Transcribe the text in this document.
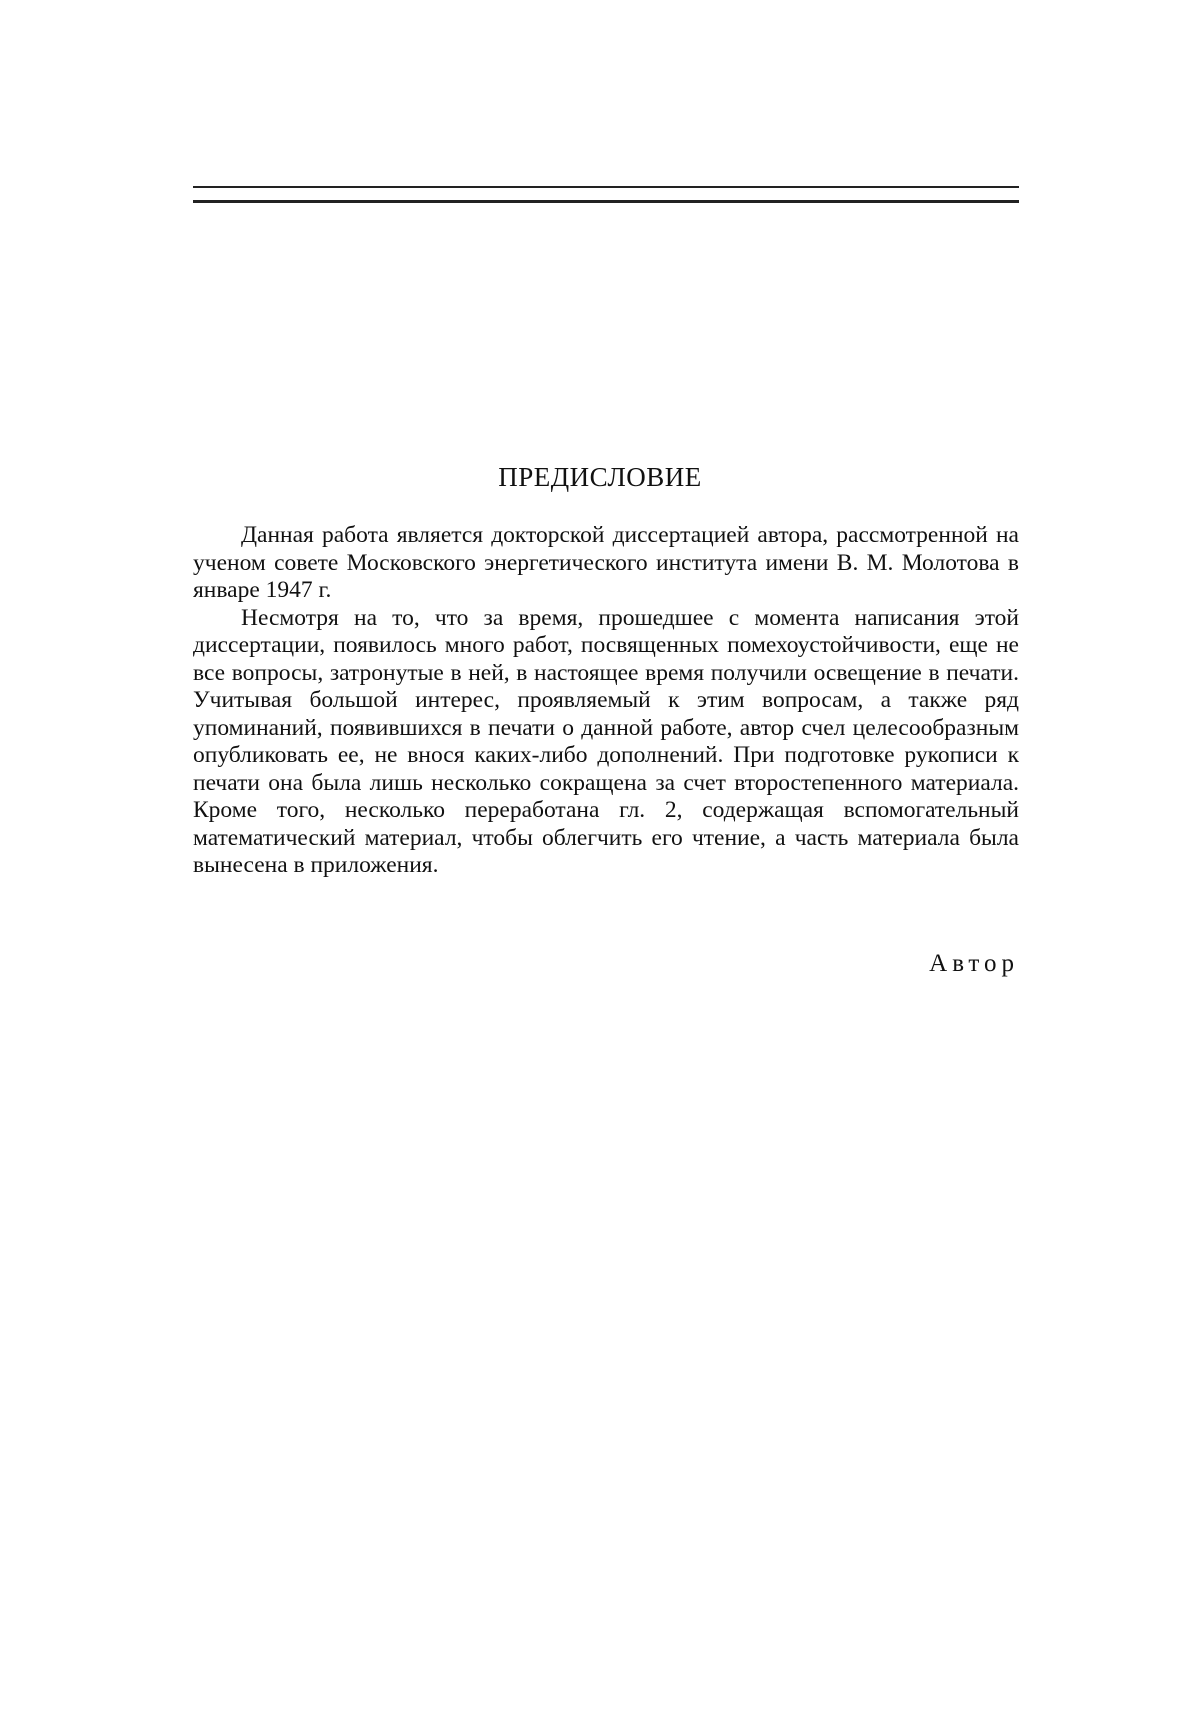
ПРЕДИСЛОВИЕ

Данная работа является докторской диссертацией автора, рассмотренной на ученом совете Московского энергетического института имени В. М. Молотова в январе 1947 г.

Несмотря на то, что за время, прошедшее с момента написания этой диссертации, появилось много работ, посвященных помехоустойчивости, еще не все вопросы, затронутые в ней, в настоящее время получили освещение в печати. Учитывая большой интерес, проявляемый к этим вопросам, а также ряд упоминаний, появившихся в печати о данной работе, автор счел целесообразным опубликовать ее, не внося каких-либо дополнений. При подготовке рукописи к печати она была лишь несколько сокращена за счет второстепенного материала. Кроме того, несколько переработана гл. 2, содержащая вспомогательный математический материал, чтобы облегчить его чтение, а часть материала была вынесена в приложения.

Автор
